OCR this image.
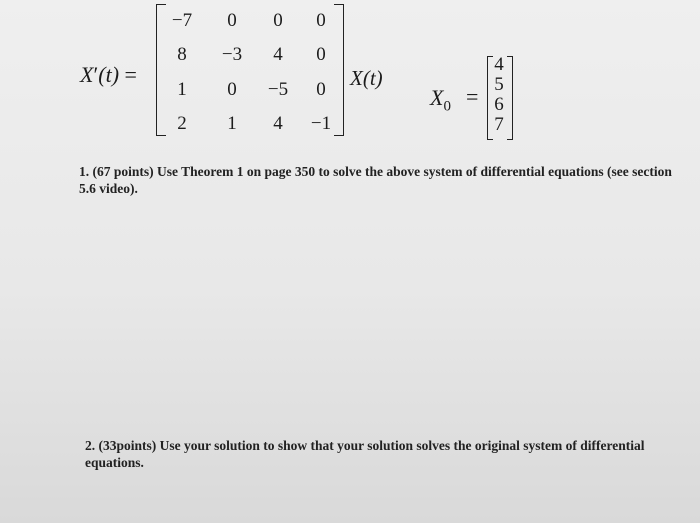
X′(t) =
−7	0	0	0
8	−3	4	0
1	0	−5	0
2	1	4	−1
X(t)
$X_0$ =
4
5
6
7
1. (67 points) Use Theorem 1 on page 350 to solve the above system of differential equations (see section 5.6 video).
2. (33points) Use your solution to show that your solution solves the original system of differential equations.
